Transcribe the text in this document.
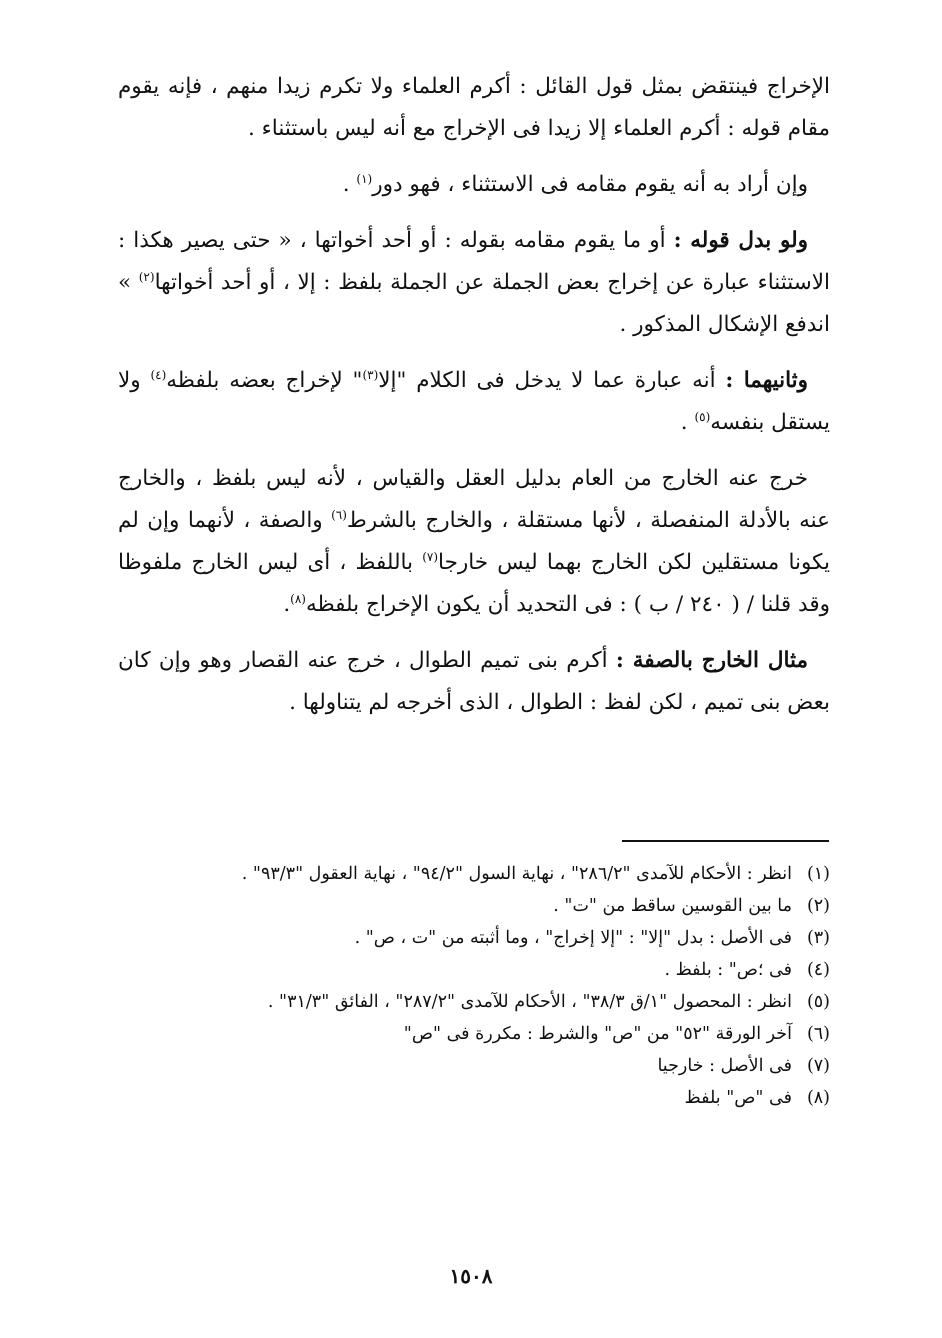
الإخراج فينتقض بمثل قول القائل : أكرم العلماء ولا تكرم زيدا منهم ، فإنه يقوم مقام قوله : أكرم العلماء إلا زيدا فى الإخراج مع أنه ليس باستثناء .

وإن أراد به أنه يقوم مقامه فى الاستثناء ، فهو دور$^{(١)}$ .

ولو بدل قوله : أو ما يقوم مقامه بقوله : أو أحد أخواتها ، « حتى يصير هكذا : الاستثناء عبارة عن إخراج بعض الجملة عن الجملة بلفظ : إلا ، أو أحد أخواتها$^{(٢)}$ » اندفع الإشكال المذكور .

وثانيهما : أنه عبارة عما لا يدخل فى الكلام "إلا$^{(٣)}$" لإخراج بعضه بلفظه$^{(٤)}$ ولا يستقل بنفسه$^{(٥)}$ .

خرج عنه الخارج من العام بدليل العقل والقياس ، لأنه ليس بلفظ ، والخارج عنه بالأدلة المنفصلة ، لأنها مستقلة ، والخارج بالشرط$^{(٦)}$ والصفة ، لأنهما وإن لم يكونا مستقلين لكن الخارج بهما ليس خارجا$^{(٧)}$ باللفظ ، أى ليس الخارج ملفوظا وقد قلنا / ( ٢٤٠ / ب ) : فى التحديد أن يكون الإخراج بلفظه$^{(٨)}$.

مثال الخارج بالصفة : أكرم بنى تميم الطوال ، خرج عنه القصار وهو وإن كان بعض بنى تميم ، لكن لفظ : الطوال ، الذى أخرجه لم يتناولها .

(١)
انظر : الأحكام للآمدى "٢٨٦/٢" ، نهاية السول "٩٤/٢" ، نهاية العقول "٩٣/٣" .
(٢)
ما بين القوسين ساقط من "ت" .
(٣)
فى الأصل : بدل "إلا" : "إلا إخراج" ، وما أثبته من "ت ، ص" .
(٤)
فى ؛ص" : بلفظ .
(٥)
انظر : المحصول "١/ق ٣٨/٣" ، الأحكام للآمدى "٢٨٧/٢" ، الفائق "٣١/٣" .
(٦)
آخر الورقة "٥٢" من "ص" والشرط : مكررة فى "ص"
(٧)
فى الأصل : خارجيا
(٨)
فى "ص" بلفظ
١٥٠٨
